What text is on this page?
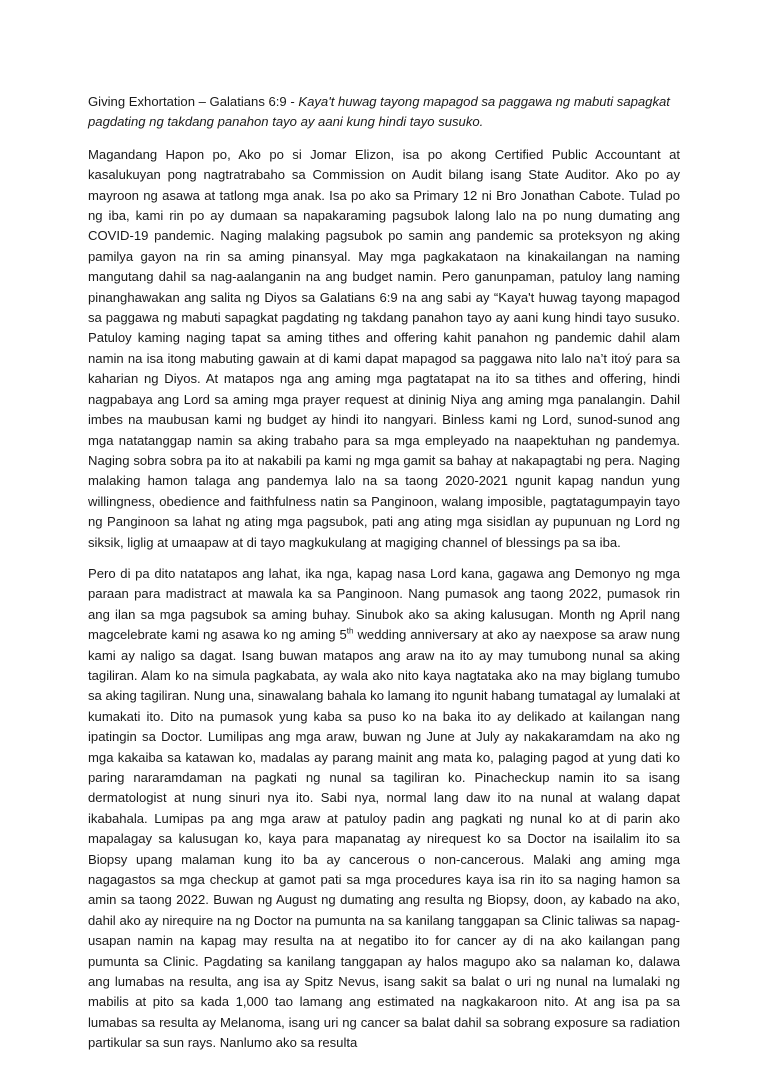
Giving Exhortation – Galatians 6:9 - Kaya't huwag tayong mapagod sa paggawa ng mabuti sapagkat pagdating ng takdang panahon tayo ay aani kung hindi tayo susuko.

Magandang Hapon po, Ako po si Jomar Elizon, isa po akong Certified Public Accountant at kasalukuyan pong nagtratrabaho sa Commission on Audit bilang isang State Auditor. Ako po ay mayroon ng asawa at tatlong mga anak. Isa po ako sa Primary 12 ni Bro Jonathan Cabote. Tulad po ng iba, kami rin po ay dumaan sa napakaraming pagsubok lalong lalo na po nung dumating ang COVID-19 pandemic. Naging malaking pagsubok po samin ang pandemic sa proteksyon ng aking pamilya gayon na rin sa aming pinansyal. May mga pagkakataon na kinakailangan na naming mangutang dahil sa nag-aalanganin na ang budget namin. Pero ganunpaman, patuloy lang naming pinanghawakan ang salita ng Diyos sa Galatians 6:9 na ang sabi ay “Kaya't huwag tayong mapagod sa paggawa ng mabuti sapagkat pagdating ng takdang panahon tayo ay aani kung hindi tayo susuko. Patuloy kaming naging tapat sa aming tithes and offering kahit panahon ng pandemic dahil alam namin na isa itong mabuting gawain at di kami dapat mapagod sa paggawa nito lalo na’t itoý para sa kaharian ng Diyos. At matapos nga ang aming mga pagtatapat na ito sa tithes and offering, hindi nagpabaya ang Lord sa aming mga prayer request at dininig Niya ang aming mga panalangin. Dahil imbes na maubusan kami ng budget ay hindi ito nangyari. Binless kami ng Lord, sunod-sunod ang mga natatanggap namin sa aking trabaho para sa mga empleyado na naapektuhan ng pandemya. Naging sobra sobra pa ito at nakabili pa kami ng mga gamit sa bahay at nakapagtabi ng pera. Naging malaking hamon talaga ang pandemya lalo na sa taong 2020-2021 ngunit kapag nandun yung willingness, obedience and faithfulness natin sa Panginoon, walang imposible, pagtatagumpayin tayo ng Panginoon sa lahat ng ating mga pagsubok, pati ang ating mga sisidlan ay pupunuan ng Lord ng siksik, liglig at umaapaw at di tayo magkukulang at magiging channel of blessings pa sa iba.

Pero di pa dito natatapos ang lahat, ika nga, kapag nasa Lord kana, gagawa ang Demonyo ng mga paraan para madistract at mawala ka sa Panginoon. Nang pumasok ang taong 2022, pumasok rin ang ilan sa mga pagsubok sa aming buhay. Sinubok ako sa aking kalusugan. Month ng April nang magcelebrate kami ng asawa ko ng aming 5th wedding anniversary at ako ay naexpose sa araw nung kami ay naligo sa dagat. Isang buwan matapos ang araw na ito ay may tumubong nunal sa aking tagiliran. Alam ko na simula pagkabata, ay wala ako nito kaya nagtataka ako na may biglang tumubo sa aking tagiliran. Nung una, sinawalang bahala ko lamang ito ngunit habang tumatagal ay lumalaki at kumakati ito. Dito na pumasok yung kaba sa puso ko na baka ito ay delikado at kailangan nang ipatingin sa Doctor. Lumilipas ang mga araw, buwan ng June at July ay nakakaramdam na ako ng mga kakaiba sa katawan ko, madalas ay parang mainit ang mata ko, palaging pagod at yung dati ko paring nararamdaman na pagkati ng nunal sa tagiliran ko. Pinacheckup namin ito sa isang dermatologist at nung sinuri nya ito. Sabi nya, normal lang daw ito na nunal at walang dapat ikabahala. Lumipas pa ang mga araw at patuloy padin ang pagkati ng nunal ko at di parin ako mapalagay sa kalusugan ko, kaya para mapanatag ay nirequest ko sa Doctor na isailalim ito sa Biopsy upang malaman kung ito ba ay cancerous o non-cancerous. Malaki ang aming mga nagagastos sa mga checkup at gamot pati sa mga procedures kaya isa rin ito sa naging hamon sa amin sa taong 2022. Buwan ng August ng dumating ang resulta ng Biopsy, doon, ay kabado na ako, dahil ako ay nirequire na ng Doctor na pumunta na sa kanilang tanggapan sa Clinic taliwas sa napag-usapan namin na kapag may resulta na at negatibo ito for cancer ay di na ako kailangan pang pumunta sa Clinic. Pagdating sa kanilang tanggapan ay halos magupo ako sa nalaman ko, dalawa ang lumabas na resulta, ang isa ay Spitz Nevus, isang sakit sa balat o uri ng nunal na lumalaki ng mabilis at pito sa kada 1,000 tao lamang ang estimated na nagkakaroon nito. At ang isa pa sa lumabas sa resulta ay Melanoma, isang uri ng cancer sa balat dahil sa sobrang exposure sa radiation partikular sa sun rays. Nanlumo ako sa resulta
